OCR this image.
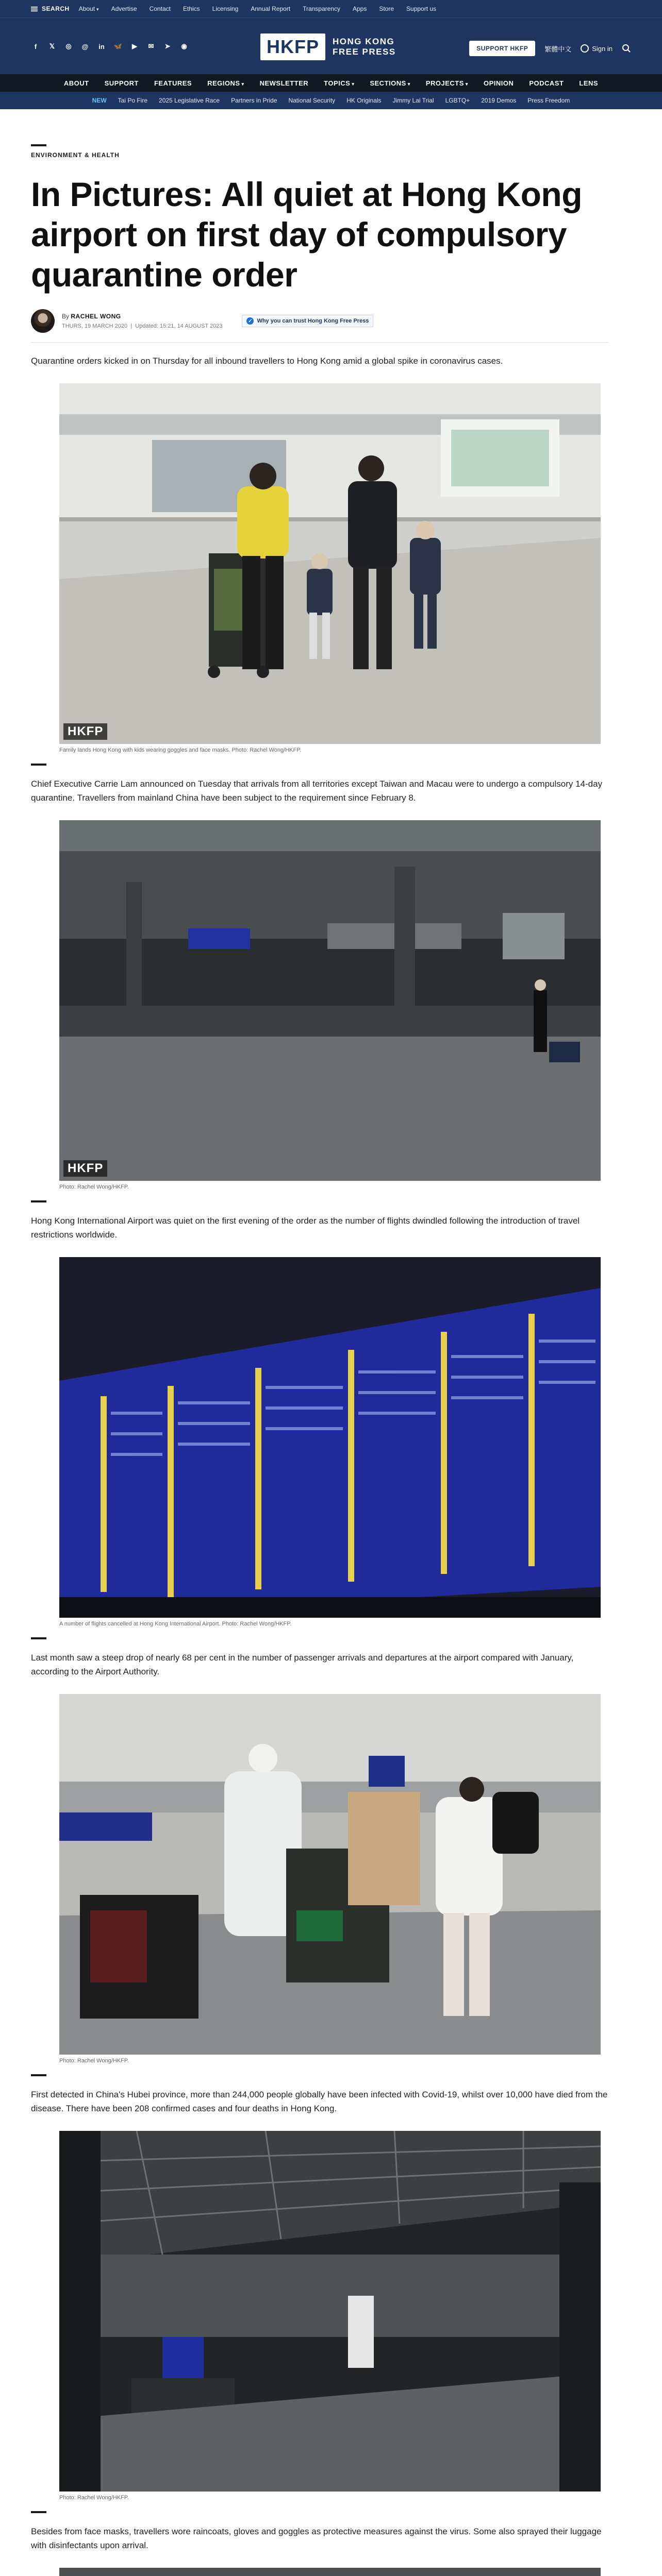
SEARCH About ▾ Advertise Contact Ethics Licensing Annual Report Transparency Apps Store Support us
f	𝕏 ◎ @ in 🦋	▶	✉ ➤ ◉	HKFP	HONG KONG
FREE PRESS	SUPPORT HKFP	繁體中文	Sign in
ABOUT SUPPORT FEATURES REGIONS ▾ NEWSLETTER TOPICS ▾ SECTIONS ▾ PROJECTS ▾ OPINION PODCAST LENS
NEW Tai Po Fire 2025 Legislative Race Partners in Pride National Security HK Originals Jimmy Lai Trial LGBTQ+ 2019 Demos Press Freedom
ENVIRONMENT & HEALTH
In Pictures: All quiet at Hong Kong airport on first day of compulsory quarantine order
By RACHEL WONG
THURS, 19 MARCH 2020  |  Updated: 15:21, 14 AUGUST 2023
✓ Why you can trust Hong Kong Free Press

Quarantine orders kicked in on Thursday for all inbound travellers to Hong Kong amid a global spike in coronavirus cases.

HKFP
Family lands Hong Kong with kids wearing goggles and face masks. Photo: Rachel Wong/HKFP.

Chief Executive Carrie Lam announced on Tuesday that arrivals from all territories except Taiwan and Macau were to undergo a compulsory 14-day quarantine. Travellers from mainland China have been subject to the requirement since February 8.

HKFP
Photo: Rachel Wong/HKFP.

Hong Kong International Airport was quiet on the first evening of the order as the number of flights dwindled following the introduction of travel restrictions worldwide.

A number of flights cancelled at Hong Kong International Airport. Photo: Rachel Wong/HKFP.

Last month saw a steep drop of nearly 68 per cent in the number of passenger arrivals and departures at the airport compared with January, according to the Airport Authority.

Photo: Rachel Wong/HKFP.

First detected in China's Hubei province, more than 244,000 people globally have been infected with Covid-19, whilst over 10,000 have died from the disease. There have been 208 confirmed cases and four deaths in Hong Kong.

Photo: Rachel Wong/HKFP.

Besides from face masks, travellers wore raincoats, gloves and goggles as protective measures against the virus. Some also sprayed their luggage with disinfectants upon arrival.
